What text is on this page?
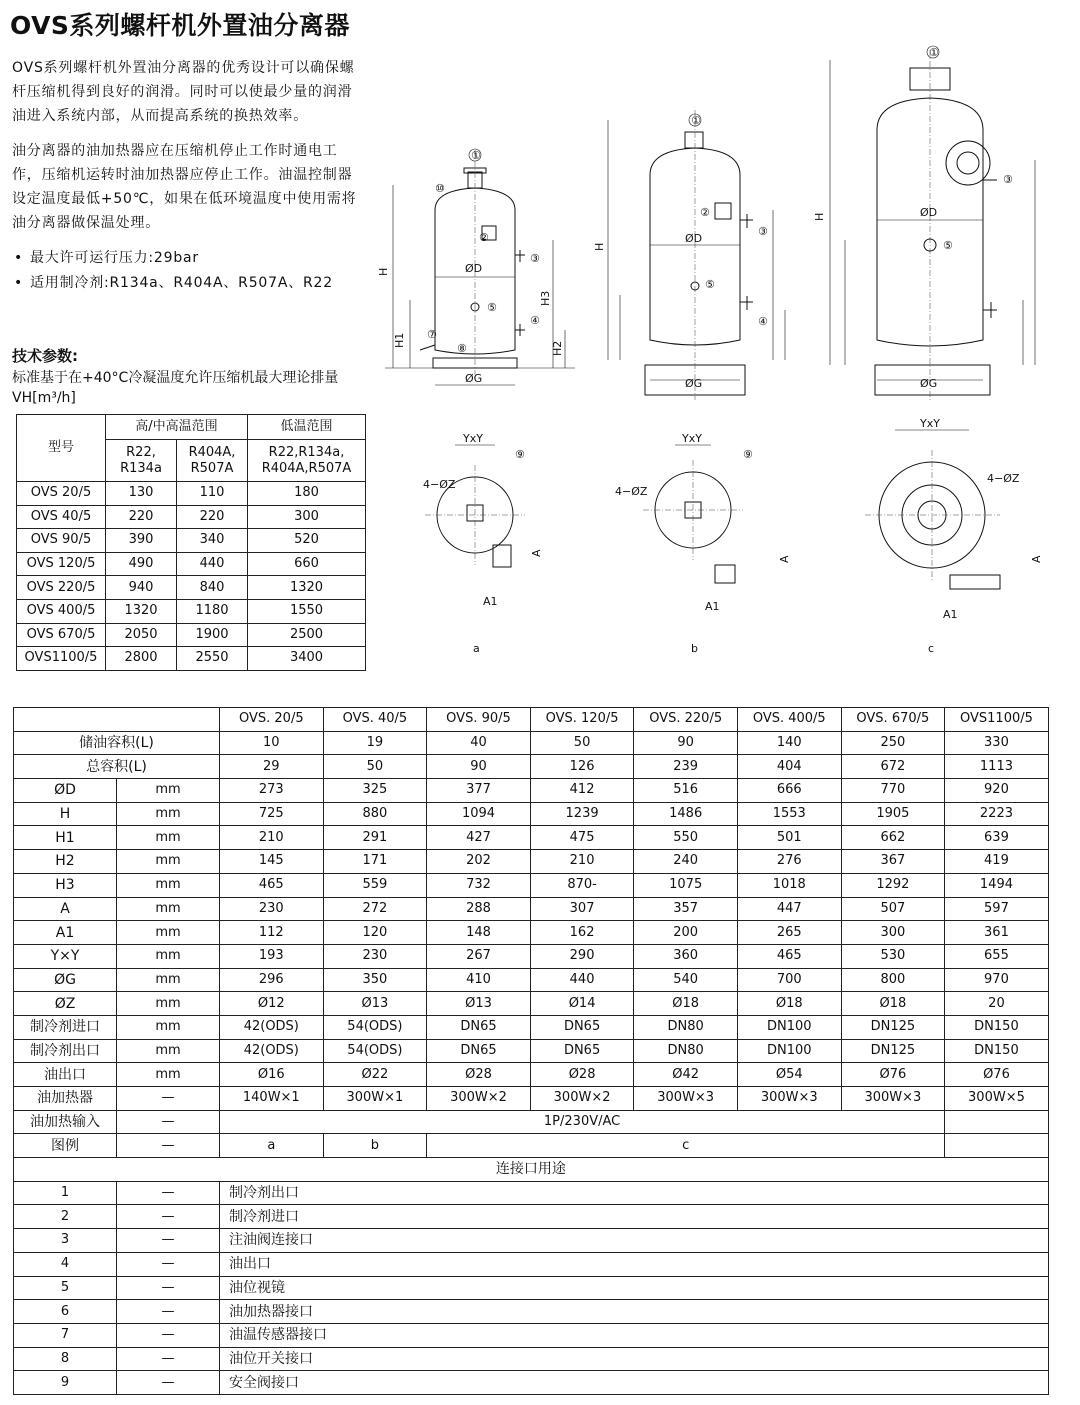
OVS系列螺杆机外置油分离器

OVS系列螺杆机外置油分离器的优秀设计可以确保螺杆压缩机得到良好的润滑。同时可以使最少量的润滑油进入系统内部，从而提高系统的换热效率。

油分离器的油加热器应在压缩机停止工作时通电工作，压缩机运转时油加热器应停止工作。油温控制器设定温度最低+50℃，如果在低环境温度中使用需将油分离器做保温处理。

• 最大许可运行压力:29bar
• 适用制冷剂:R134a、R404A、R507A、R22
技术参数:
标准基于在+40°C冷凝温度允许压缩机最大理论排量VH[m³/h]
型号	高/中高温范围		低温范围
	R22, R134a	R404A, R507A	R22,R134a, R404A,R507A
OVS 20/5	130	110	180
OVS 40/5	220	220	300
OVS 90/5	390	340	520
OVS 120/5	490	440	660
OVS 220/5	940	840	1320
OVS 400/5	1320	1180	1550
OVS 670/5	2050	1900	2500
OVS1100/5	2800	2550	3400
H
H1
H3
H2
ØD
ØG
H
ØD
ØG
H	ØD
ØG
YxY
4−ØZ
A
A1
a
YxY
4−ØZ
A
A1
b
YxY
4−ØZ
A
A1
c
①
①
①
②
②
③
③
③
④	④
⑤
⑤
⑤
⑦
⑧
⑩
⑨	⑨
		OVS. 20/5	OVS. 40/5	OVS. 90/5	OVS. 120/5	OVS. 220/5	OVS. 400/5	OVS. 670/5	OVS1100/5
储油容积(L)		10	19	40	50	90	140	250	330
总容积(L)		29	50	90	126	239	404	672	1113
ØD	mm	273	325	377	412	516	666	770	920
H	mm	725	880	1094	1239	1486	1553	1905	2223
H1	mm	210	291	427	475	550	501	662	639
H2	mm	145	171	202	210	240	276	367	419
H3	mm	465	559	732	870-	1075	1018	1292	1494
A	mm	230	272	288	307	357	447	507	597
A1	mm	112	120	148	162	200	265	300	361
Y×Y	mm	193	230	267	290	360	465	530	655
ØG	mm	296	350	410	440	540	700	800	970
ØZ	mm	Ø12	Ø13	Ø13	Ø14	Ø18	Ø18	Ø18	20
制冷剂进口	mm	42(ODS)	54(ODS)	DN65	DN65	DN80	DN100	DN125	DN150
制冷剂出口	mm	42(ODS)	54(ODS)	DN65	DN65	DN80	DN100	DN125	DN150
油出口	mm	Ø16	Ø22	Ø28	Ø28	Ø42	Ø54	Ø76	Ø76
油加热器	—	140W×1	300W×1	300W×2	300W×2	300W×3	300W×3	300W×3	300W×5
油加热输入	—	1P/230V/AC							
图例	—	a	b	c					
连接口用途									
1	—	制冷剂出口							
2	—	制冷剂进口							
3	—	注油阀连接口							
4	—	油出口							
5	—	油位视镜							
6	—	油加热器接口							
7	—	油温传感器接口							
8	—	油位开关接口							
9	—	安全阀接口							
